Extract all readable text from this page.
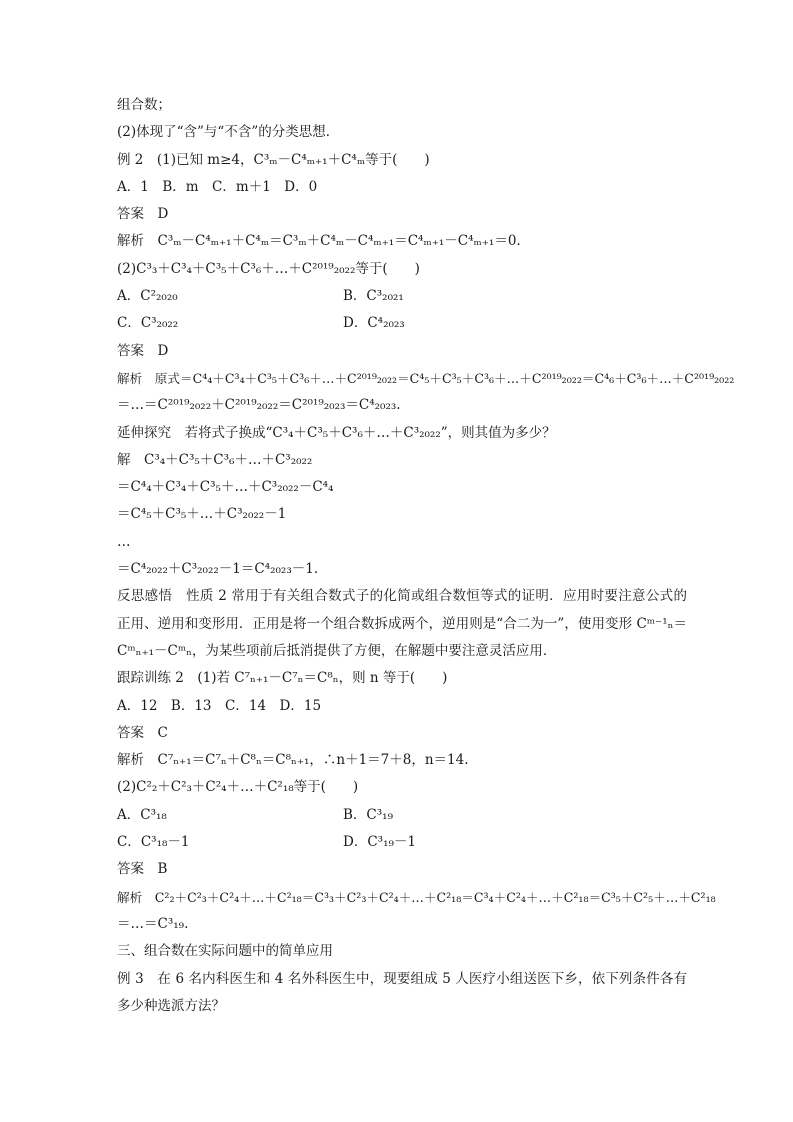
组合数；
(2)体现了“含”与“不含”的分类思想．
例 2　(1)已知 m≥4，C³ₘ－C⁴ₘ₊₁＋C⁴ₘ等于(　　)
A．1　B．m　C．m＋1　D．0
答案　D
解析　C³ₘ－C⁴ₘ₊₁＋C⁴ₘ＝C³ₘ＋C⁴ₘ－C⁴ₘ₊₁＝C⁴ₘ₊₁－C⁴ₘ₊₁＝0.
(2)C³₃＋C³₄＋C³₅＋C³₆＋…＋C²⁰¹⁹₂₀₂₂等于(　　)
A．C²₂₀₂₀	B．C³₂₀₂₁
C．C³₂₀₂₂	D．C⁴₂₀₂₃
答案　D
解析　原式＝C⁴₄＋C³₄＋C³₅＋C³₆＋…＋C²⁰¹⁹₂₀₂₂＝C⁴₅＋C³₅＋C³₆＋…＋C²⁰¹⁹₂₀₂₂＝C⁴₆＋C³₆＋…＋C²⁰¹⁹₂₀₂₂
＝…＝C²⁰¹⁹₂₀₂₂＋C²⁰¹⁹₂₀₂₂＝C²⁰¹⁹₂₀₂₃＝C⁴₂₀₂₃.
延伸探究　若将式子换成“C³₄＋C³₅＋C³₆＋…＋C³₂₀₂₂”，则其值为多少？
解　C³₄＋C³₅＋C³₆＋…＋C³₂₀₂₂
＝C⁴₄＋C³₄＋C³₅＋…＋C³₂₀₂₂－C⁴₄
＝C⁴₅＋C³₅＋…＋C³₂₀₂₂－1
…
＝C⁴₂₀₂₂＋C³₂₀₂₂－1＝C⁴₂₀₂₃－1.
反思感悟　性质 2 常用于有关组合数式子的化简或组合数恒等式的证明．应用时要注意公式的正用、逆用和变形用．正用是将一个组合数拆成两个，逆用则是“合二为一”，使用变形 Cᵐ⁻¹ₙ＝Cᵐₙ₊₁－Cᵐₙ，为某些项前后抵消提供了方便，在解题中要注意灵活应用．
跟踪训练 2　(1)若 C⁷ₙ₊₁－C⁷ₙ＝C⁸ₙ，则 n 等于(　　)
A．12　B．13　C．14　D．15
答案　C
解析　C⁷ₙ₊₁＝C⁷ₙ＋C⁸ₙ＝C⁸ₙ₊₁，∴n＋1＝7＋8，n＝14.
(2)C²₂＋C²₃＋C²₄＋…＋C²₁₈等于(　　)
A．C³₁₈	B．C³₁₉
C．C³₁₈－1	D．C³₁₉－1
答案　B
解析　C²₂＋C²₃＋C²₄＋…＋C²₁₈＝C³₃＋C²₃＋C²₄＋…＋C²₁₈＝C³₄＋C²₄＋…＋C²₁₈＝C³₅＋C²₅＋…＋C²₁₈
＝…＝C³₁₉.
三、组合数在实际问题中的简单应用
例 3　在 6 名内科医生和 4 名外科医生中，现要组成 5 人医疗小组送医下乡，依下列条件各有多少种选派方法？
